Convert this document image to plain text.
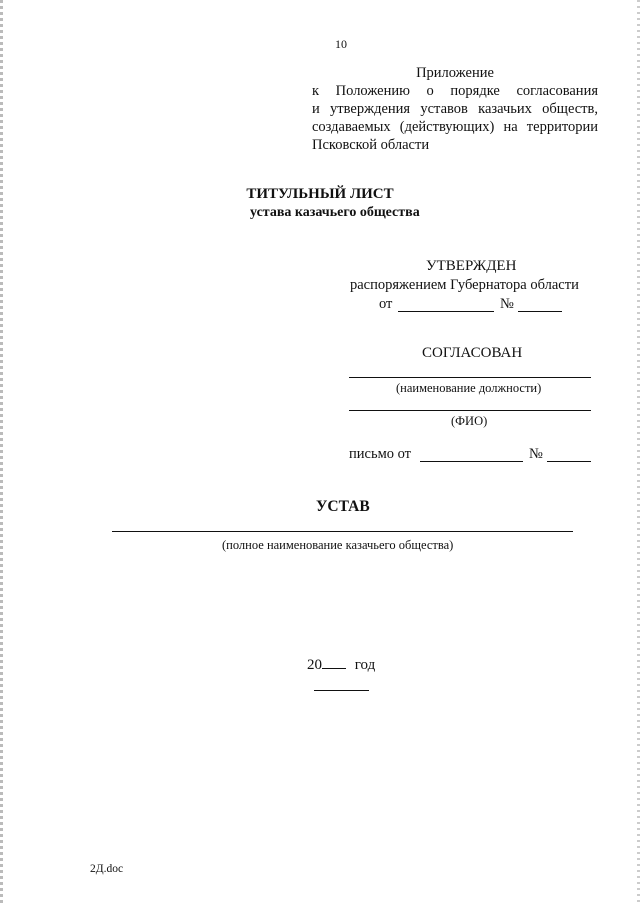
10
Приложение
к Положению о порядке согласования
и утверждения уставов казачьих обществ,
создаваемых (действующих) на территории
Псковской области
ТИТУЛЬНЫЙ ЛИСТ
устава казачьего общества
УТВЕРЖДЕН
распоряжением Губернатора области
от	№
СОГЛАСОВАН
(наименование должности)
(ФИО)
письмо от	№
УСТАВ
(полное наименование казачьего общества)
20 год
2Д.doc
